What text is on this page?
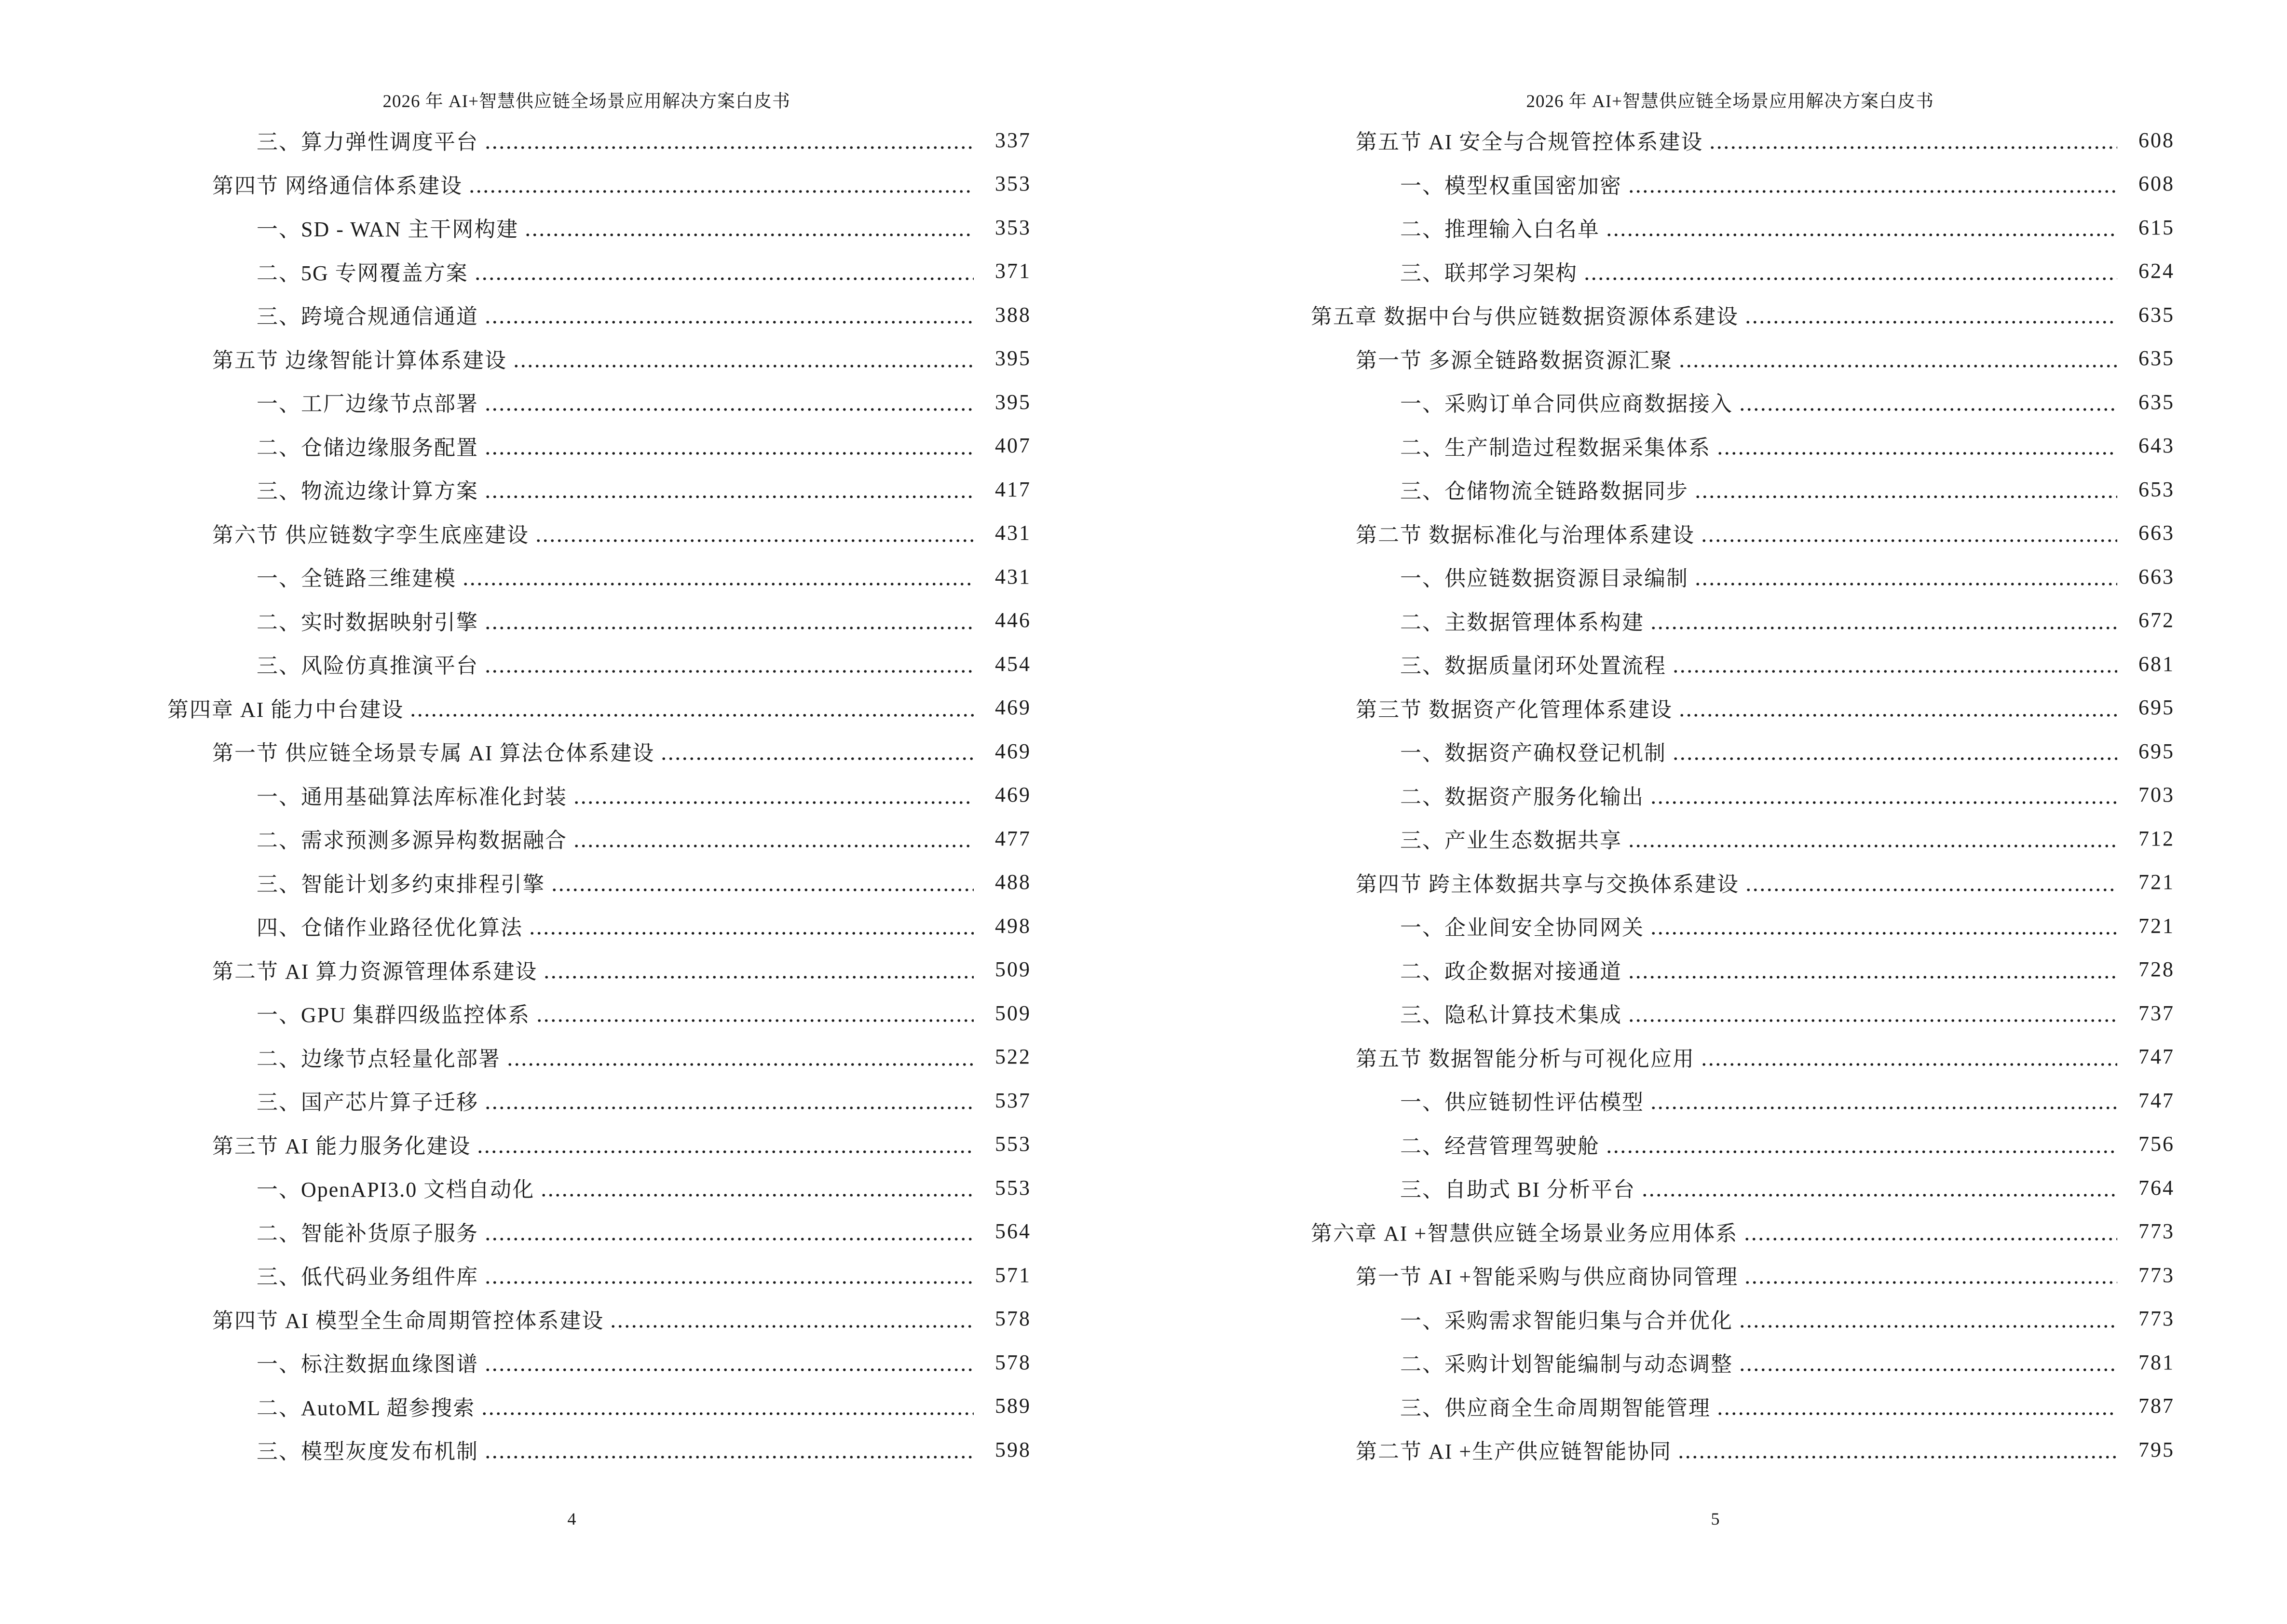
2026 年 AI+智慧供应链全场景应用解决方案白皮书

三、算力弹性调度平台	337
第四节 网络通信体系建设	353
一、SD - WAN 主干网构建	353
二、5G 专网覆盖方案	371
三、跨境合规通信通道	388
第五节 边缘智能计算体系建设	395
一、工厂边缘节点部署	395
二、仓储边缘服务配置	407
三、物流边缘计算方案	417
第六节 供应链数字孪生底座建设	431
一、全链路三维建模	431
二、实时数据映射引擎	446
三、风险仿真推演平台	454
第四章 AI 能力中台建设	469
第一节 供应链全场景专属 AI 算法仓体系建设	469
一、通用基础算法库标准化封装	469
二、需求预测多源异构数据融合	477
三、智能计划多约束排程引擎	488
四、仓储作业路径优化算法	498
第二节 AI 算力资源管理体系建设	509
一、GPU 集群四级监控体系	509
二、边缘节点轻量化部署	522
三、国产芯片算子迁移	537
第三节 AI 能力服务化建设	553
一、OpenAPI3.0 文档自动化	553
二、智能补货原子服务	564
三、低代码业务组件库	571
第四节 AI 模型全生命周期管控体系建设	578
一、标注数据血缘图谱	578
二、AutoML 超参搜索	589
三、模型灰度发布机制	598
4

2026 年 AI+智慧供应链全场景应用解决方案白皮书

第五节 AI 安全与合规管控体系建设	608
一、模型权重国密加密	608
二、推理输入白名单	615
三、联邦学习架构	624
第五章 数据中台与供应链数据资源体系建设	635
第一节 多源全链路数据资源汇聚	635
一、采购订单合同供应商数据接入	635
二、生产制造过程数据采集体系	643
三、仓储物流全链路数据同步	653
第二节 数据标准化与治理体系建设	663
一、供应链数据资源目录编制	663
二、主数据管理体系构建	672
三、数据质量闭环处置流程	681
第三节 数据资产化管理体系建设	695
一、数据资产确权登记机制	695
二、数据资产服务化输出	703
三、产业生态数据共享	712
第四节 跨主体数据共享与交换体系建设	721
一、企业间安全协同网关	721
二、政企数据对接通道	728
三、隐私计算技术集成	737
第五节 数据智能分析与可视化应用	747
一、供应链韧性评估模型	747
二、经营管理驾驶舱	756
三、自助式 BI 分析平台	764
第六章 AI +智慧供应链全场景业务应用体系	773
第一节 AI +智能采购与供应商协同管理	773
一、采购需求智能归集与合并优化	773
二、采购计划智能编制与动态调整	781
三、供应商全生命周期智能管理	787
第二节 AI +生产供应链智能协同	795
5
